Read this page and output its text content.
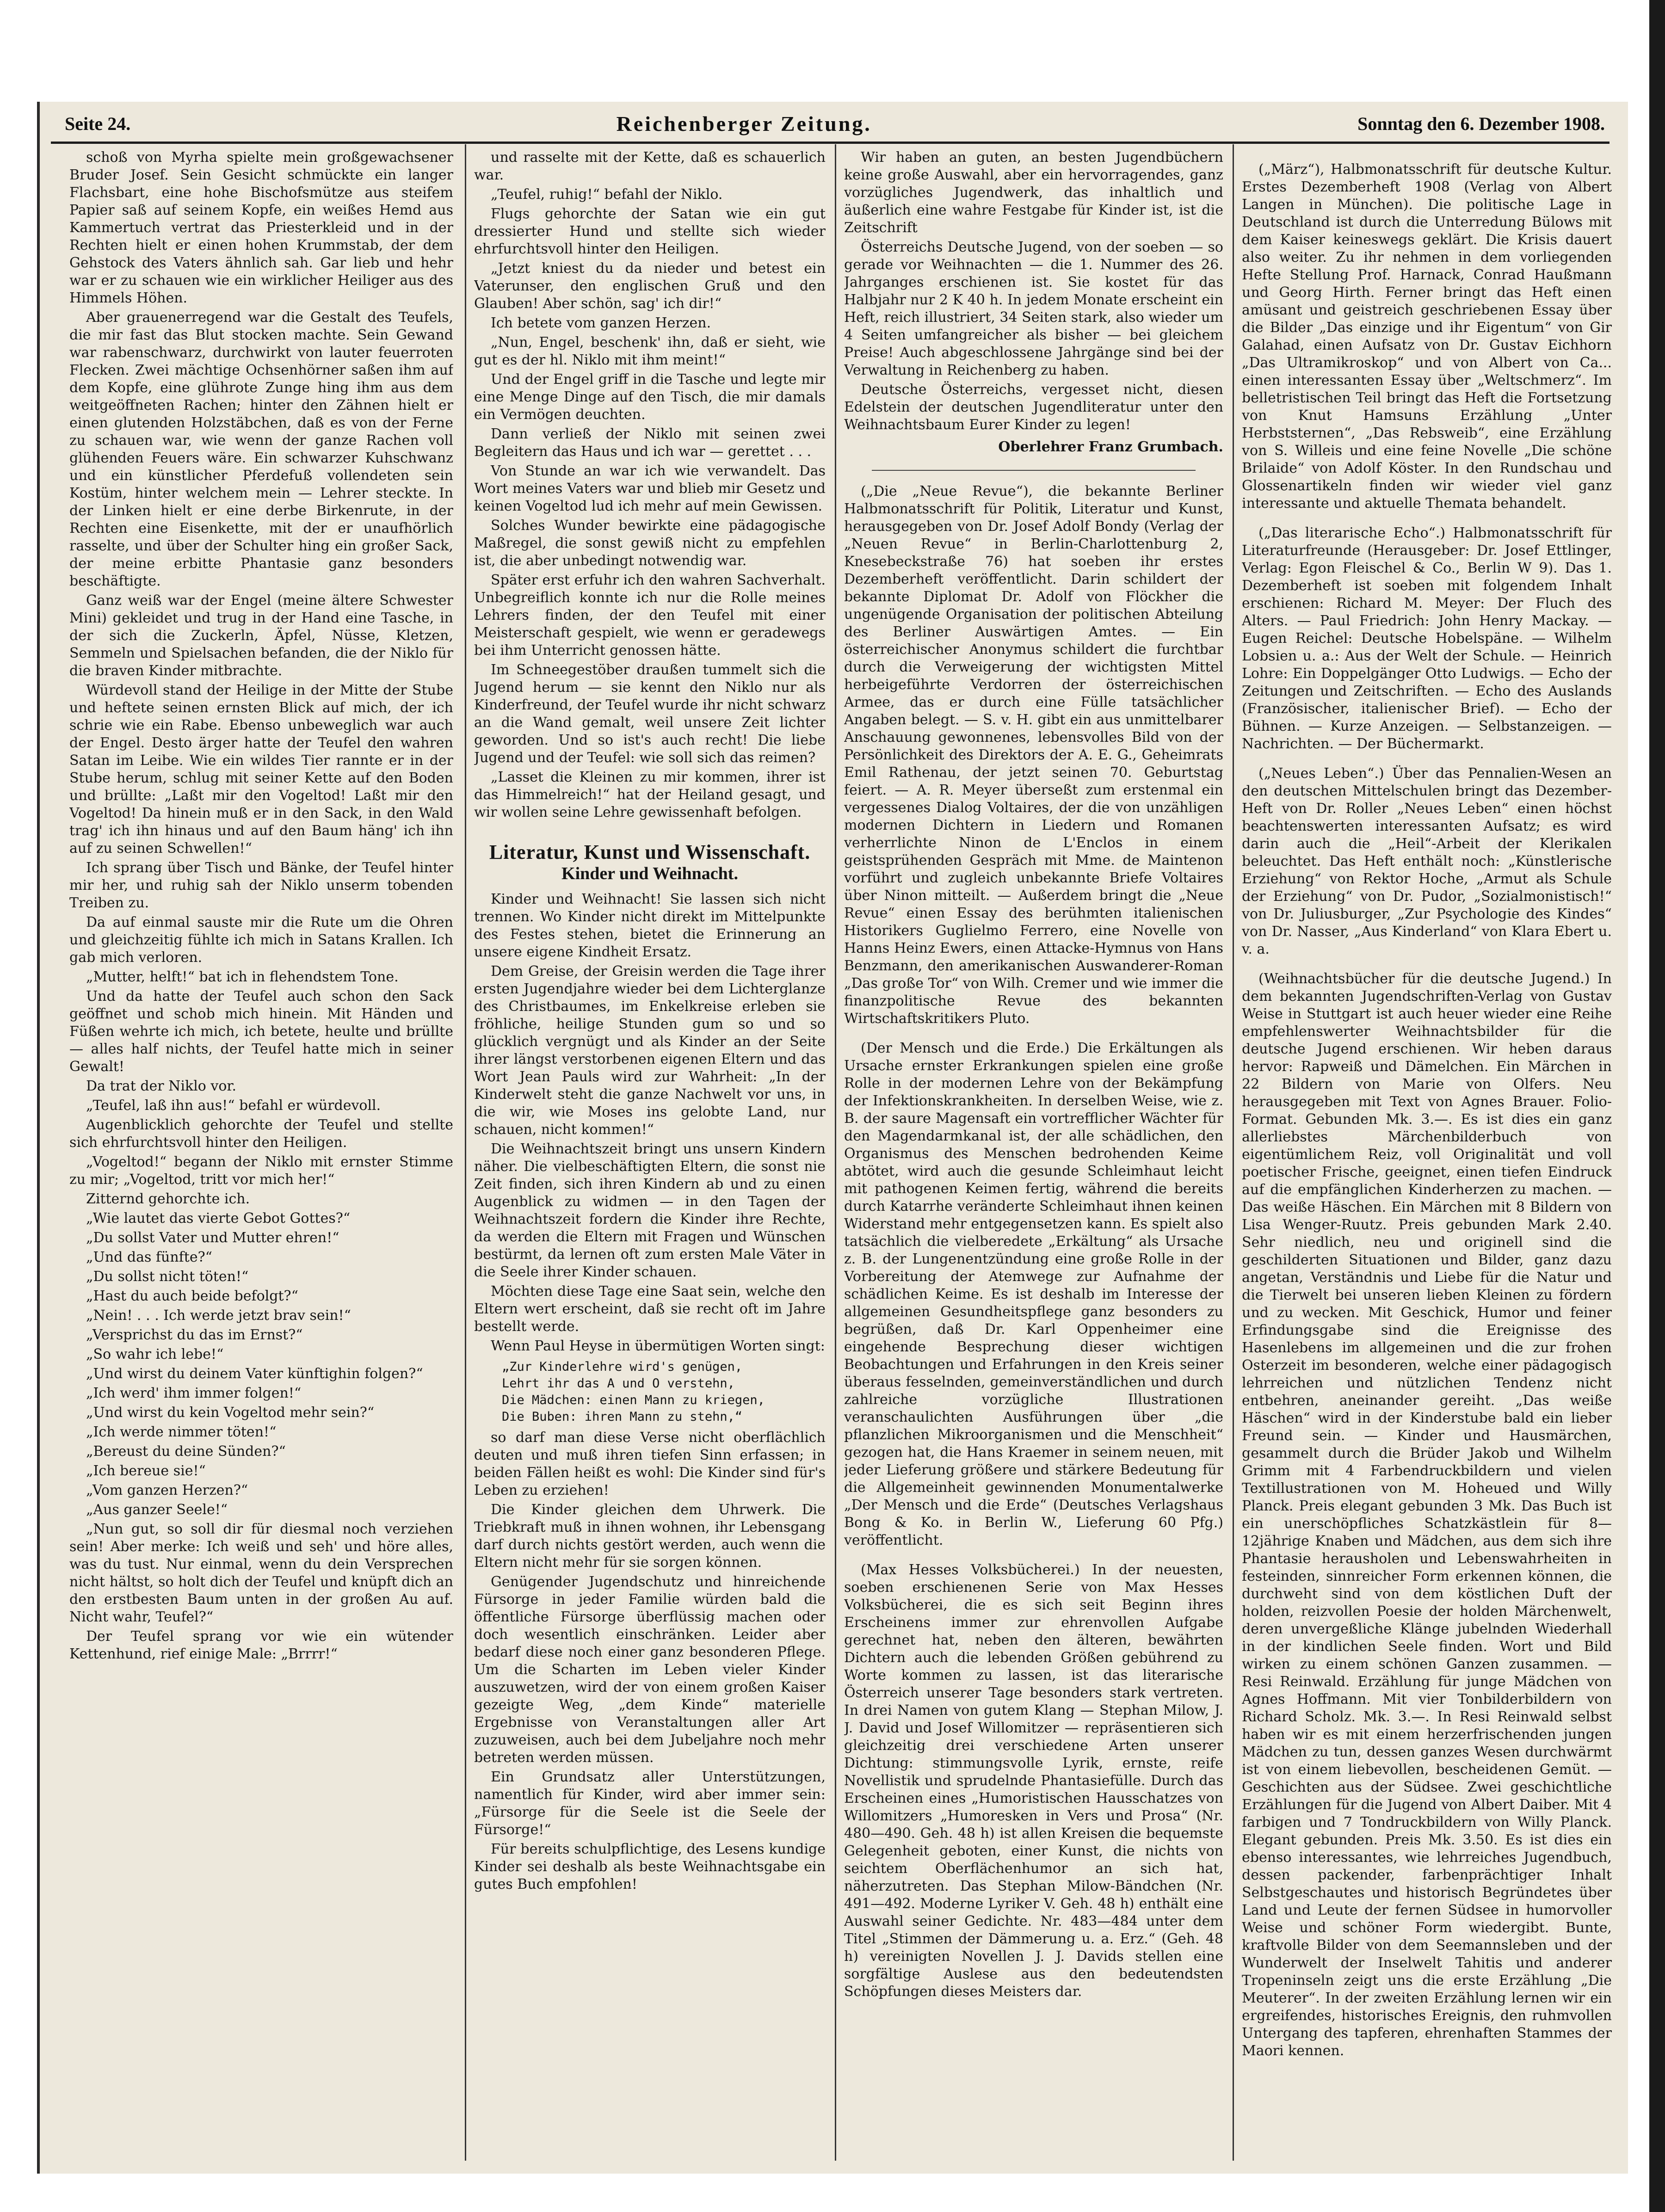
Seite 24.	Reichenberger Zeitung.	Sonntag den 6. Dezember 1908.

schoß von Myrha spielte mein großgewachsener Bruder Josef. Sein Gesicht schmückte ein langer Flachsbart, eine hohe Bischofsmütze aus steifem Papier saß auf seinem Kopfe, ein weißes Hemd aus Kammertuch vertrat das Priesterkleid und in der Rechten hielt er einen hohen Krummstab, der dem Gehstock des Vaters ähnlich sah. Gar lieb und hehr war er zu schauen wie ein wirklicher Heiliger aus des Himmels Höhen.

Aber grauenerregend war die Gestalt des Teufels, die mir fast das Blut stocken machte. Sein Gewand war rabenschwarz, durchwirkt von lauter feuerroten Flecken. Zwei mächtige Ochsenhörner saßen ihm auf dem Kopfe, eine glührote Zunge hing ihm aus dem weitgeöffneten Rachen; hinter den Zähnen hielt er einen glutenden Holzstäbchen, daß es von der Ferne zu schauen war, wie wenn der ganze Rachen voll glühenden Feuers wäre. Ein schwarzer Kuhschwanz und ein künstlicher Pferdefuß vollendeten sein Kostüm, hinter welchem mein — Lehrer steckte. In der Linken hielt er eine derbe Birkenrute, in der Rechten eine Eisenkette, mit der er unaufhörlich rasselte, und über der Schulter hing ein großer Sack, der meine erbitte Phantasie ganz besonders beschäftigte.

Ganz weiß war der Engel (meine ältere Schwester Mini) gekleidet und trug in der Hand eine Tasche, in der sich die Zuckerln, Äpfel, Nüsse, Kletzen, Semmeln und Spielsachen befanden, die der Niklo für die braven Kinder mitbrachte.

Würdevoll stand der Heilige in der Mitte der Stube und heftete seinen ernsten Blick auf mich, der ich schrie wie ein Rabe. Ebenso unbeweglich war auch der Engel. Desto ärger hatte der Teufel den wahren Satan im Leibe. Wie ein wildes Tier rannte er in der Stube herum, schlug mit seiner Kette auf den Boden und brüllte: „Laßt mir den Vogeltod! Laßt mir den Vogeltod! Da hinein muß er in den Sack, in den Wald trag' ich ihn hinaus und auf den Baum häng' ich ihn auf zu seinen Schwellen!“

Ich sprang über Tisch und Bänke, der Teufel hinter mir her, und ruhig sah der Niklo unserm tobenden Treiben zu.

Da auf einmal sauste mir die Rute um die Ohren und gleichzeitig fühlte ich mich in Satans Krallen. Ich gab mich verloren.

„Mutter, helft!“ bat ich in flehendstem Tone.

Und da hatte der Teufel auch schon den Sack geöffnet und schob mich hinein. Mit Händen und Füßen wehrte ich mich, ich betete, heulte und brüllte — alles half nichts, der Teufel hatte mich in seiner Gewalt!

Da trat der Niklo vor.

„Teufel, laß ihn aus!“ befahl er würdevoll.

Augenblicklich gehorchte der Teufel und stellte sich ehrfurchtsvoll hinter den Heiligen.

„Vogeltod!“ begann der Niklo mit ernster Stimme zu mir; „Vogeltod, tritt vor mich her!“

Zitternd gehorchte ich.

„Wie lautet das vierte Gebot Gottes?“

„Du sollst Vater und Mutter ehren!“

„Und das fünfte?“

„Du sollst nicht töten!“

„Hast du auch beide befolgt?“

„Nein! . . . Ich werde jetzt brav sein!“

„Versprichst du das im Ernst?“

„So wahr ich lebe!“

„Und wirst du deinem Vater künftighin folgen?“

„Ich werd' ihm immer folgen!“

„Und wirst du kein Vogeltod mehr sein?“

„Ich werde nimmer töten!“

„Bereust du deine Sünden?“

„Ich bereue sie!“

„Vom ganzen Herzen?“

„Aus ganzer Seele!“

„Nun gut, so soll dir für diesmal noch verziehen sein! Aber merke: Ich weiß und seh' und höre alles, was du tust. Nur einmal, wenn du dein Versprechen nicht hältst, so holt dich der Teufel und knüpft dich an den erstbesten Baum unten in der großen Au auf. Nicht wahr, Teufel?“

Der Teufel sprang vor wie ein wütender Kettenhund, rief einige Male: „Brrrr!“

und rasselte mit der Kette, daß es schauerlich war.

„Teufel, ruhig!“ befahl der Niklo.

Flugs gehorchte der Satan wie ein gut dressierter Hund und stellte sich wieder ehrfurchtsvoll hinter den Heiligen.

„Jetzt kniest du da nieder und betest ein Vaterunser, den englischen Gruß und den Glauben! Aber schön, sag' ich dir!“

Ich betete vom ganzen Herzen.

„Nun, Engel, beschenk' ihn, daß er sieht, wie gut es der hl. Niklo mit ihm meint!“

Und der Engel griff in die Tasche und legte mir eine Menge Dinge auf den Tisch, die mir damals ein Vermögen deuchten.

Dann verließ der Niklo mit seinen zwei Begleitern das Haus und ich war — gerettet . . .

Von Stunde an war ich wie verwandelt. Das Wort meines Vaters war und blieb mir Gesetz und keinen Vogeltod lud ich mehr auf mein Gewissen.

Solches Wunder bewirkte eine pädagogische Maßregel, die sonst gewiß nicht zu empfehlen ist, die aber unbedingt notwendig war.

Später erst erfuhr ich den wahren Sachverhalt. Unbegreiflich konnte ich nur die Rolle meines Lehrers finden, der den Teufel mit einer Meisterschaft gespielt, wie wenn er geradewegs bei ihm Unterricht genossen hätte.

Im Schneegestöber draußen tummelt sich die Jugend herum — sie kennt den Niklo nur als Kinderfreund, der Teufel wurde ihr nicht schwarz an die Wand gemalt, weil unsere Zeit lichter geworden. Und so ist's auch recht! Die liebe Jugend und der Teufel: wie soll sich das reimen?

„Lasset die Kleinen zu mir kommen, ihrer ist das Himmelreich!“ hat der Heiland gesagt, und wir wollen seine Lehre gewissenhaft befolgen.

Literatur, Kunst und Wissenschaft.
Kinder und Weihnacht.

Kinder und Weihnacht! Sie lassen sich nicht trennen. Wo Kinder nicht direkt im Mittelpunkte des Festes stehen, bietet die Erinnerung an unsere eigene Kindheit Ersatz.

Dem Greise, der Greisin werden die Tage ihrer ersten Jugendjahre wieder bei dem Lichterglanze des Christbaumes, im Enkelkreise erleben sie fröhliche, heilige Stunden gum so und so glücklich vergnügt und als Kinder an der Seite ihrer längst verstorbenen eigenen Eltern und das Wort Jean Pauls wird zur Wahrheit: „In der Kinderwelt steht die ganze Nachwelt vor uns, in die wir, wie Moses ins gelobte Land, nur schauen, nicht kommen!“

Die Weihnachtszeit bringt uns unsern Kindern näher. Die vielbeschäftigten Eltern, die sonst nie Zeit finden, sich ihren Kindern ab und zu einen Augenblick zu widmen — in den Tagen der Weihnachtszeit fordern die Kinder ihre Rechte, da werden die Eltern mit Fragen und Wünschen bestürmt, da lernen oft zum ersten Male Väter in die Seele ihrer Kinder schauen.

Möchten diese Tage eine Saat sein, welche den Eltern wert erscheint, daß sie recht oft im Jahre bestellt werde.

Wenn Paul Heyse in übermütigen Worten singt:

„Zur Kinderlehre wird's genügen,
Lehrt ihr das A und O verstehn,
Die Mädchen: einen Mann zu kriegen,
Die Buben: ihren Mann zu stehn,“

so darf man diese Verse nicht oberflächlich deuten und muß ihren tiefen Sinn erfassen; in beiden Fällen heißt es wohl: Die Kinder sind für's Leben zu erziehen!

Die Kinder gleichen dem Uhrwerk. Die Triebkraft muß in ihnen wohnen, ihr Lebensgang darf durch nichts gestört werden, auch wenn die Eltern nicht mehr für sie sorgen können.

Genügender Jugendschutz und hinreichende Fürsorge in jeder Familie würden bald die öffentliche Fürsorge überflüssig machen oder doch wesentlich einschränken. Leider aber bedarf diese noch einer ganz besonderen Pflege. Um die Scharten im Leben vieler Kinder auszuwetzen, wird der von einem großen Kaiser gezeigte Weg, „dem Kinde“ materielle Ergebnisse von Veranstaltungen aller Art zuzuweisen, auch bei dem Jubeljahre noch mehr betreten werden müssen.

Ein Grundsatz aller Unterstützungen, namentlich für Kinder, wird aber immer sein: „Fürsorge für die Seele ist die Seele der Fürsorge!“

Für bereits schulpflichtige, des Lesens kundige Kinder sei deshalb als beste Weihnachtsgabe ein gutes Buch empfohlen!

Wir haben an guten, an besten Jugendbüchern keine große Auswahl, aber ein hervorragendes, ganz vorzügliches Jugendwerk, das inhaltlich und äußerlich eine wahre Festgabe für Kinder ist, ist die Zeitschrift

Österreichs Deutsche Jugend, von der soeben — so gerade vor Weihnachten — die 1. Nummer des 26. Jahrganges erschienen ist. Sie kostet für das Halbjahr nur 2 K 40 h. In jedem Monate erscheint ein Heft, reich illustriert, 34 Seiten stark, also wieder um 4 Seiten umfangreicher als bisher — bei gleichem Preise! Auch abgeschlossene Jahrgänge sind bei der Verwaltung in Reichenberg zu haben.

Deutsche Österreichs, vergesset nicht, diesen Edelstein der deutschen Jugendliteratur unter den Weihnachtsbaum Eurer Kinder zu legen!

Oberlehrer Franz Grumbach.

(„Die „Neue Revue“), die bekannte Berliner Halbmonatsschrift für Politik, Literatur und Kunst, herausgegeben von Dr. Josef Adolf Bondy (Verlag der „Neuen Revue“ in Berlin-Charlottenburg 2, Knesebeckstraße 76) hat soeben ihr erstes Dezemberheft veröffentlicht. Darin schildert der bekannte Diplomat Dr. Adolf von Flöckher die ungenügende Organisation der politischen Abteilung des Berliner Auswärtigen Amtes. — Ein österreichischer Anonymus schildert die furchtbar durch die Verweigerung der wichtigsten Mittel herbeigeführte Verdorren der österreichischen Armee, das er durch eine Fülle tatsächlicher Angaben belegt. — S. v. H. gibt ein aus unmittelbarer Anschauung gewonnenes, lebensvolles Bild von der Persönlichkeit des Direktors der A. E. G., Geheimrats Emil Rathenau, der jetzt seinen 70. Geburtstag feiert. — A. R. Meyer überseßt zum erstenmal ein vergessenes Dialog Voltaires, der die von unzähligen modernen Dichtern in Liedern und Romanen verherrlichte Ninon de L'Enclos in einem geistsprühenden Gespräch mit Mme. de Maintenon vorführt und zugleich unbekannte Briefe Voltaires über Ninon mitteilt. — Außerdem bringt die „Neue Revue“ einen Essay des berühmten italienischen Historikers Guglielmo Ferrero, eine Novelle von Hanns Heinz Ewers, einen Attacke-Hymnus von Hans Benzmann, den amerikanischen Auswanderer-Roman „Das große Tor“ von Wilh. Cremer und wie immer die finanzpolitische Revue des bekannten Wirtschaftskritikers Pluto.

(Der Mensch und die Erde.) Die Erkältungen als Ursache ernster Erkrankungen spielen eine große Rolle in der modernen Lehre von der Bekämpfung der Infektionskrankheiten. In derselben Weise, wie z. B. der saure Magensaft ein vortrefflicher Wächter für den Magendarmkanal ist, der alle schädlichen, den Organismus des Menschen bedrohenden Keime abtötet, wird auch die gesunde Schleimhaut leicht mit pathogenen Keimen fertig, während die bereits durch Katarrhe veränderte Schleimhaut ihnen keinen Widerstand mehr entgegensetzen kann. Es spielt also tatsächlich die vielberedete „Erkältung“ als Ursache z. B. der Lungenentzündung eine große Rolle in der Vorbereitung der Atemwege zur Aufnahme der schädlichen Keime. Es ist deshalb im Interesse der allgemeinen Gesundheitspflege ganz besonders zu begrüßen, daß Dr. Karl Oppenheimer eine eingehende Besprechung dieser wichtigen Beobachtungen und Erfahrungen in den Kreis seiner überaus fesselnden, gemeinverständlichen und durch zahlreiche vorzügliche Illustrationen veranschaulichten Ausführungen über „die pflanzlichen Mikroorganismen und die Menschheit“ gezogen hat, die Hans Kraemer in seinem neuen, mit jeder Lieferung größere und stärkere Bedeutung für die Allgemeinheit gewinnenden Monumentalwerke „Der Mensch und die Erde“ (Deutsches Verlagshaus Bong & Ko. in Berlin W., Lieferung 60 Pfg.) veröffentlicht.

(Max Hesses Volksbücherei.) In der neuesten, soeben erschienenen Serie von Max Hesses Volksbücherei, die es sich seit Beginn ihres Erscheinens immer zur ehrenvollen Aufgabe gerechnet hat, neben den älteren, bewährten Dichtern auch die lebenden Größen gebührend zu Worte kommen zu lassen, ist das literarische Österreich unserer Tage besonders stark vertreten. In drei Namen von gutem Klang — Stephan Milow, J. J. David und Josef Willomitzer — repräsentieren sich gleichzeitig drei verschiedene Arten unserer Dichtung: stimmungsvolle Lyrik, ernste, reife Novellistik und sprudelnde Phantasiefülle. Durch das Erscheinen eines „Humoristischen Hausschatzes von Willomitzers „Humoresken in Vers und Prosa“ (Nr. 480—490. Geh. 48 h) ist allen Kreisen die bequemste Gelegenheit geboten, einer Kunst, die nichts von seichtem Oberflächenhumor an sich hat, näherzutreten. Das Stephan Milow-Bändchen (Nr. 491—492. Moderne Lyriker V. Geh. 48 h) enthält eine Auswahl seiner Gedichte. Nr. 483—484 unter dem Titel „Stimmen der Dämmerung u. a. Erz.“ (Geh. 48 h) vereinigten Novellen J. J. Davids stellen eine sorgfältige Auslese aus den bedeutendsten Schöpfungen dieses Meisters dar.

(„März“), Halbmonatsschrift für deutsche Kultur. Erstes Dezemberheft 1908 (Verlag von Albert Langen in München). Die politische Lage in Deutschland ist durch die Unterredung Bülows mit dem Kaiser keineswegs geklärt. Die Krisis dauert also weiter. Zu ihr nehmen in dem vorliegenden Hefte Stellung Prof. Harnack, Conrad Haußmann und Georg Hirth. Ferner bringt das Heft einen amüsant und geistreich geschriebenen Essay über die Bilder „Das einzige und ihr Eigentum“ von Gir Galahad, einen Aufsatz von Dr. Gustav Eichhorn „Das Ultramikroskop“ und von Albert von Ca... einen interessanten Essay über „Weltschmerz“. Im belletristischen Teil bringt das Heft die Fortsetzung von Knut Hamsuns Erzählung „Unter Herbststernen“, „Das Rebsweib“, eine Erzählung von S. Willeis und eine feine Novelle „Die schöne Brilaide“ von Adolf Köster. In den Rundschau und Glossenartikeln finden wir wieder viel ganz interessante und aktuelle Themata behandelt.

(„Das literarische Echo“.) Halbmonatsschrift für Literaturfreunde (Herausgeber: Dr. Josef Ettlinger, Verlag: Egon Fleischel & Co., Berlin W 9). Das 1. Dezemberheft ist soeben mit folgendem Inhalt erschienen: Richard M. Meyer: Der Fluch des Alters. — Paul Friedrich: John Henry Mackay. — Eugen Reichel: Deutsche Hobelspäne. — Wilhelm Lobsien u. a.: Aus der Welt der Schule. — Heinrich Lohre: Ein Doppelgänger Otto Ludwigs. — Echo der Zeitungen und Zeitschriften. — Echo des Auslands (Französischer, italienischer Brief). — Echo der Bühnen. — Kurze Anzeigen. — Selbstanzeigen. — Nachrichten. — Der Büchermarkt.

(„Neues Leben“.) Über das Pennalien-Wesen an den deutschen Mittelschulen bringt das Dezember-Heft von Dr. Roller „Neues Leben“ einen höchst beachtenswerten interessanten Aufsatz; es wird darin auch die „Heil“-Arbeit der Klerikalen beleuchtet. Das Heft enthält noch: „Künstlerische Erziehung“ von Rektor Hoche, „Armut als Schule der Erziehung“ von Dr. Pudor, „Sozialmonistisch!“ von Dr. Juliusburger, „Zur Psychologie des Kindes“ von Dr. Nasser, „Aus Kinderland“ von Klara Ebert u. v. a.

(Weihnachtsbücher für die deutsche Jugend.) In dem bekannten Jugendschriften-Verlag von Gustav Weise in Stuttgart ist auch heuer wieder eine Reihe empfehlenswerter Weihnachtsbilder für die deutsche Jugend erschienen. Wir heben daraus hervor: Rapweiß und Dämelchen. Ein Märchen in 22 Bildern von Marie von Olfers. Neu herausgegeben mit Text von Agnes Brauer. Folio-Format. Gebunden Mk. 3.—. Es ist dies ein ganz allerliebstes Märchenbilderbuch von eigentümlichem Reiz, voll Originalität und voll poetischer Frische, geeignet, einen tiefen Eindruck auf die empfänglichen Kinderherzen zu machen. — Das weiße Häschen. Ein Märchen mit 8 Bildern von Lisa Wenger-Ruutz. Preis gebunden Mark 2.40. Sehr niedlich, neu und originell sind die geschilderten Situationen und Bilder, ganz dazu angetan, Verständnis und Liebe für die Natur und die Tierwelt bei unseren lieben Kleinen zu fördern und zu wecken. Mit Geschick, Humor und feiner Erfindungsgabe sind die Ereignisse des Hasenlebens im allgemeinen und die zur frohen Osterzeit im besonderen, welche einer pädagogisch lehrreichen und nützlichen Tendenz nicht entbehren, aneinander gereiht. „Das weiße Häschen“ wird in der Kinderstube bald ein lieber Freund sein. — Kinder und Hausmärchen, gesammelt durch die Brüder Jakob und Wilhelm Grimm mit 4 Farbendruckbildern und vielen Textillustrationen von M. Hoheued und Willy Planck. Preis elegant gebunden 3 Mk. Das Buch ist ein unerschöpfliches Schatzkästlein für 8—12jährige Knaben und Mädchen, aus dem sich ihre Phantasie herausholen und Lebenswahrheiten in festeinden, sinnreicher Form erkennen können, die durchweht sind von dem köstlichen Duft der holden, reizvollen Poesie der holden Märchenwelt, deren unvergeßliche Klänge jubelnden Wiederhall in der kindlichen Seele finden. Wort und Bild wirken zu einem schönen Ganzen zusammen. — Resi Reinwald. Erzählung für junge Mädchen von Agnes Hoffmann. Mit vier Tonbilderbildern von Richard Scholz. Mk. 3.—. In Resi Reinwald selbst haben wir es mit einem herzerfrischenden jungen Mädchen zu tun, dessen ganzes Wesen durchwärmt ist von einem liebevollen, bescheidenen Gemüt. — Geschichten aus der Südsee. Zwei geschichtliche Erzählungen für die Jugend von Albert Daiber. Mit 4 farbigen und 7 Tondruckbildern von Willy Planck. Elegant gebunden. Preis Mk. 3.50. Es ist dies ein ebenso interessantes, wie lehrreiches Jugendbuch, dessen packender, farbenprächtiger Inhalt Selbstgeschautes und historisch Begründetes über Land und Leute der fernen Südsee in humorvoller Weise und schöner Form wiedergibt. Bunte, kraftvolle Bilder von dem Seemannsleben und der Wunderwelt der Inselwelt Tahitis und anderer Tropeninseln zeigt uns die erste Erzählung „Die Meuterer“. In der zweiten Erzählung lernen wir ein ergreifendes, historisches Ereignis, den ruhmvollen Untergang des tapferen, ehrenhaften Stammes der Maori kennen.
